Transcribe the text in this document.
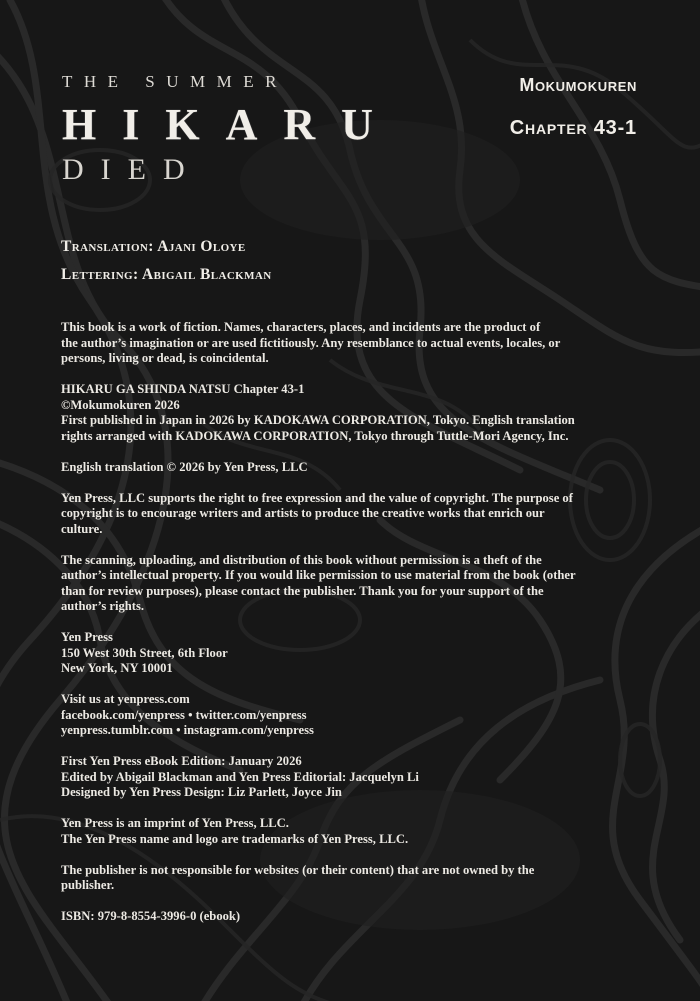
THE SUMMER
HIKARU
DIED
Mokumokuren
Chapter 43-1
Translation: Ajani Oloye
Lettering: Abigail Blackman

This book is a work of fiction. Names, characters, places, and incidents are the product of
the author’s imagination or are used fictitiously. Any resemblance to actual events, locales, or
persons, living or dead, is coincidental.

HIKARU GA SHINDA NATSU Chapter 43-1
©Mokumokuren 2026
First published in Japan in 2026 by KADOKAWA CORPORATION, Tokyo. English translation
rights arranged with KADOKAWA CORPORATION, Tokyo through Tuttle-Mori Agency, Inc.

English translation © 2026 by Yen Press, LLC

Yen Press, LLC supports the right to free expression and the value of copyright. The purpose of
copyright is to encourage writers and artists to produce the creative works that enrich our
culture.

The scanning, uploading, and distribution of this book without permission is a theft of the
author’s intellectual property. If you would like permission to use material from the book (other
than for review purposes), please contact the publisher. Thank you for your support of the
author’s rights.

Yen Press
150 West 30th Street, 6th Floor
New York, NY 10001

Visit us at yenpress.com
facebook.com/yenpress • twitter.com/yenpress
yenpress.tumblr.com • instagram.com/yenpress

First Yen Press eBook Edition: January 2026
Edited by Abigail Blackman and Yen Press Editorial: Jacquelyn Li
Designed by Yen Press Design: Liz Parlett, Joyce Jin

Yen Press is an imprint of Yen Press, LLC.
The Yen Press name and logo are trademarks of Yen Press, LLC.

The publisher is not responsible for websites (or their content) that are not owned by the
publisher.

ISBN: 979-8-8554-3996-0 (ebook)
